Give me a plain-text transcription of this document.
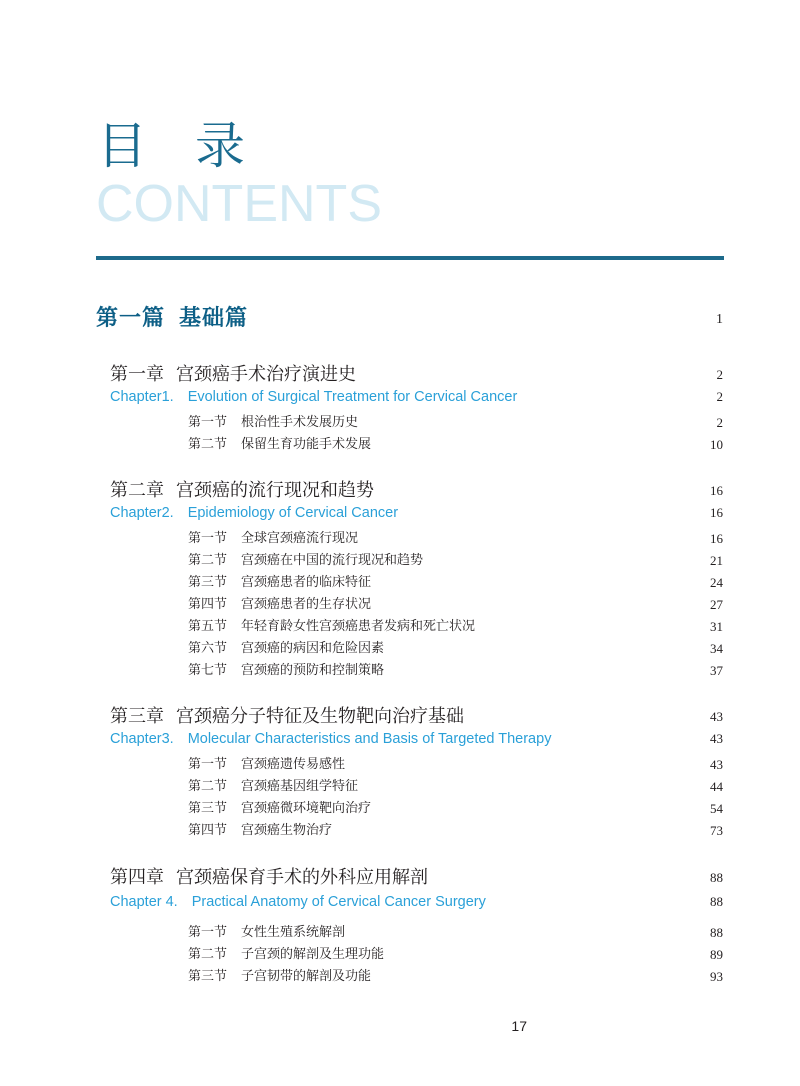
目录
CONTENTS
第一篇 基础篇	1
第一章 宫颈癌手术治疗演进史	2
Chapter1. Evolution of Surgical Treatment for Cervical Cancer	2
第一节 根治性手术发展历史	2
第二节 保留生育功能手术发展	10
第二章 宫颈癌的流行现况和趋势	16
Chapter2. Epidemiology of Cervical Cancer	16
第一节 全球宫颈癌流行现况	16
第二节 宫颈癌在中国的流行现况和趋势	21
第三节 宫颈癌患者的临床特征	24
第四节 宫颈癌患者的生存状况	27
第五节 年轻育龄女性宫颈癌患者发病和死亡状况	31
第六节 宫颈癌的病因和危险因素	34
第七节 宫颈癌的预防和控制策略	37
第三章 宫颈癌分子特征及生物靶向治疗基础	43
Chapter3. Molecular Characteristics and Basis of Targeted Therapy	43
第一节 宫颈癌遗传易感性	43
第二节 宫颈癌基因组学特征	44
第三节 宫颈癌微环境靶向治疗	54
第四节 宫颈癌生物治疗	73
第四章 宫颈癌保育手术的外科应用解剖	88
Chapter 4. Practical Anatomy of Cervical Cancer Surgery	88
第一节 女性生殖系统解剖	88
第二节 子宫颈的解剖及生理功能	89
第三节 子宫韧带的解剖及功能	93
17
